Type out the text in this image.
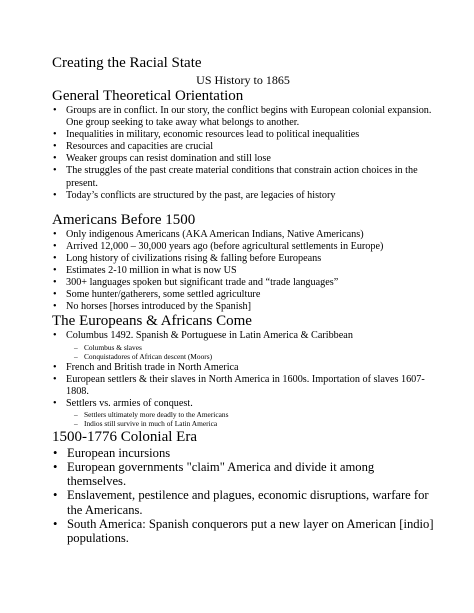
Creating the Racial State
US History to 1865
General Theoretical Orientation
• Groups are in conflict. In our story, the conflict begins with European colonial expansion. One group seeking to take away what belongs to another.
• Inequalities in military, economic resources lead to political inequalities
• Resources and capacities are crucial
• Weaker groups can resist domination and still lose
• The struggles of the past create material conditions that constrain action choices in the present.
• Today’s conflicts are structured by the past, are legacies of history
Americans Before 1500
• Only indigenous Americans (AKA American Indians, Native Americans)
• Arrived 12,000 – 30,000 years ago (before agricultural settlements in Europe)
• Long history of civilizations rising & falling before Europeans
• Estimates 2-10 million in what is now US
• 300+ languages spoken but significant trade and “trade languages”
• Some hunter/gatherers, some settled agriculture
• No horses [horses introduced by the Spanish]
The Europeans & Africans Come
• Columbus 1492. Spanish & Portuguese in Latin America & Caribbean
– Columbus & slaves
– Conquistadores of African descent (Moors)
• French and British trade in North America
• European settlers & their slaves in North America in 1600s. Importation of slaves 1607-1808.
• Settlers vs. armies of conquest.
– Settlers ultimately more deadly to the Americans
– Indios still survive in much of Latin America
1500-1776 Colonial Era
• European incursions
• European governments "claim" America and divide it among themselves.
• Enslavement, pestilence and plagues, economic disruptions, warfare for the Americans.
• South America: Spanish conquerors put a new layer on American [indio] populations.
